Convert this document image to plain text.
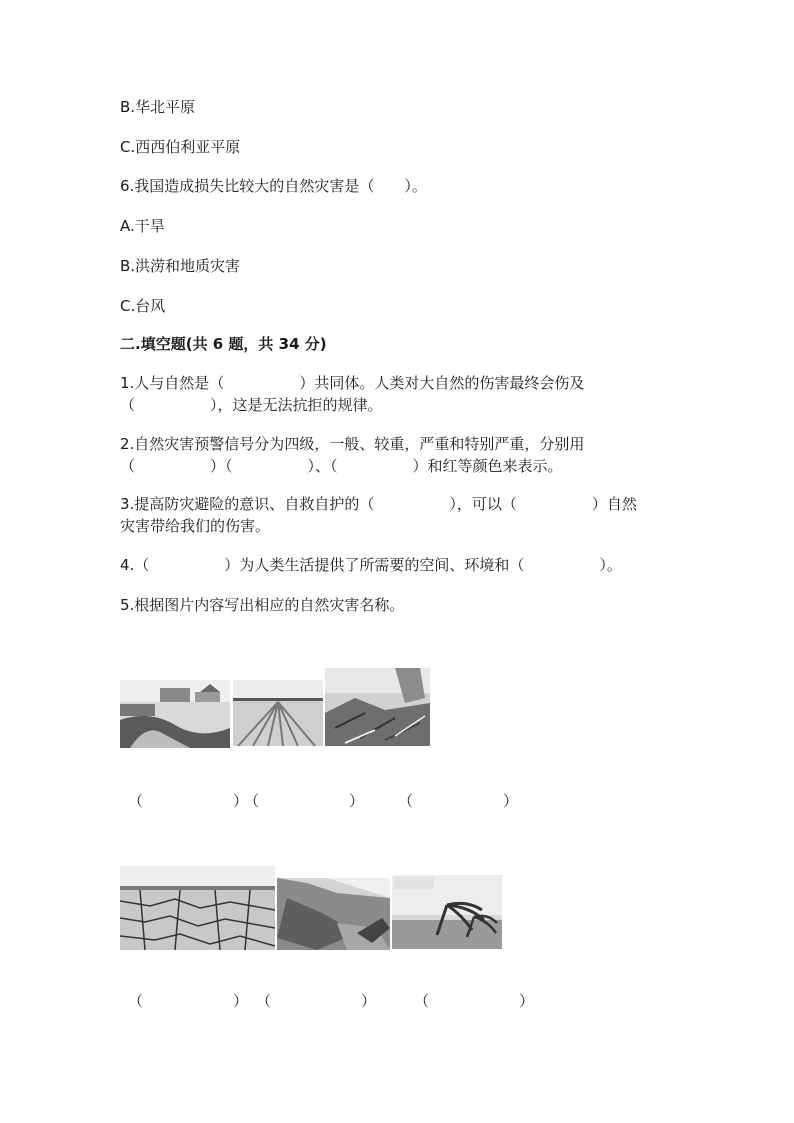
B.华北平原

C.西西伯利亚平原

6.我国造成损失比较大的自然灾害是（　　）。

A.干旱

B.洪涝和地质灾害

C.台风

二.填空题(共 6 题，共 34 分)

1.人与自然是（　　　　　）共同体。人类对大自然的伤害最终会伤及

（　　　　　），这是无法抗拒的规律。

2.自然灾害预警信号分为四级，一般、较重，严重和特别严重，分别用

（　　　　　）（　　　　　）、（　　　　　）和红等颜色来表示。

3.提高防灾避险的意识、自救自护的（　　　　　），可以（　　　　　）自然

灾害带给我们的伤害。

4.（　　　　　）为人类生活提供了所需要的空间、环境和（　　　　　）。

5.根据图片内容写出相应的自然灾害名称。

（　　　　　　）
（　　　　　　） （　　　　　　）
（　　　　　　） （　　　　　　）	（　　　　　　）
